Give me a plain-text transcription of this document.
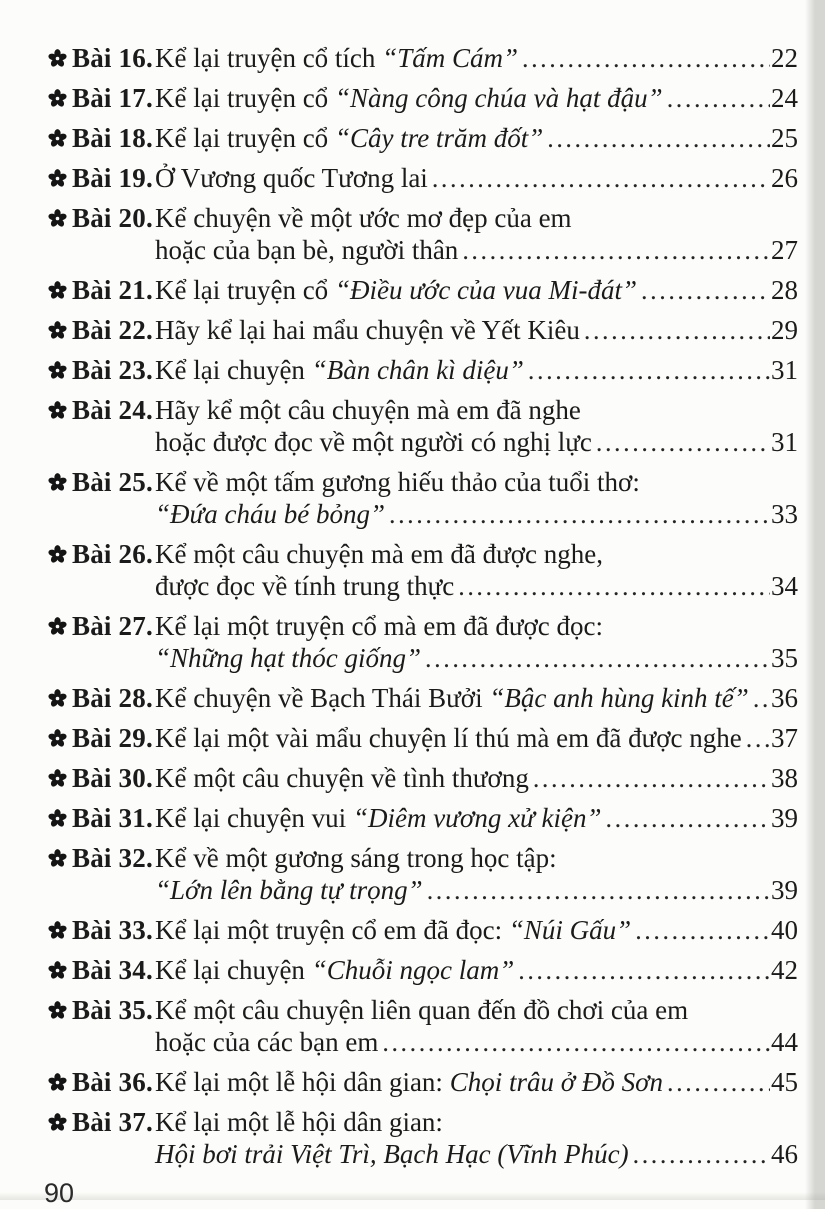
Bài 16. Kể lại truyện cổ tích “Tấm Cám” .....	22
Bài 17. Kể lại truyện cổ “Nàng công chúa và hạt đậu” .....	24
Bài 18. Kể lại truyện cổ “Cây tre trăm đốt” .....	25
Bài 19. Ở Vương quốc Tương lai .....	26
Bài 20. Kể chuyện về một ước mơ đẹp của em
hoặc của bạn bè, người thân .....	27
Bài 21. Kể lại truyện cổ “Điều ước của vua Mi-đát” .....	28
Bài 22. Hãy kể lại hai mẩu chuyện về Yết Kiêu .....	29
Bài 23. Kể lại chuyện “Bàn chân kì diệu” .....	31
Bài 24. Hãy kể một câu chuyện mà em đã nghe
hoặc được đọc về một người có nghị lực .....	31
Bài 25. Kể về một tấm gương hiếu thảo của tuổi thơ:
“Đứa cháu bé bỏng” .....	33
Bài 26. Kể một câu chuyện mà em đã được nghe,
được đọc về tính trung thực .....	34
Bài 27. Kể lại một truyện cổ mà em đã được đọc:
“Những hạt thóc giống” .....	35
Bài 28. Kể chuyện về Bạch Thái Bưởi “Bậc anh hùng kinh tế” ..... 36
Bài 29. Kể lại một vài mẩu chuyện lí thú mà em đã được nghe ..... 37
Bài 30. Kể một câu chuyện về tình thương .....	38
Bài 31. Kể lại chuyện vui “Diêm vương xử kiện” .....	39
Bài 32. Kể về một gương sáng trong học tập:
“Lớn lên bằng tự trọng” .....	39
Bài 33. Kể lại một truyện cổ em đã đọc: “Núi Gấu” .....	40
Bài 34. Kể lại chuyện “Chuỗi ngọc lam” .....	42
Bài 35. Kể một câu chuyện liên quan đến đồ chơi của em
hoặc của các bạn em .....	44
Bài 36. Kể lại một lễ hội dân gian: Chọi trâu ở Đồ Sơn .....	45
Bài 37. Kể lại một lễ hội dân gian:
Hội bơi trải Việt Trì, Bạch Hạc (Vĩnh Phúc) .....	46
90
